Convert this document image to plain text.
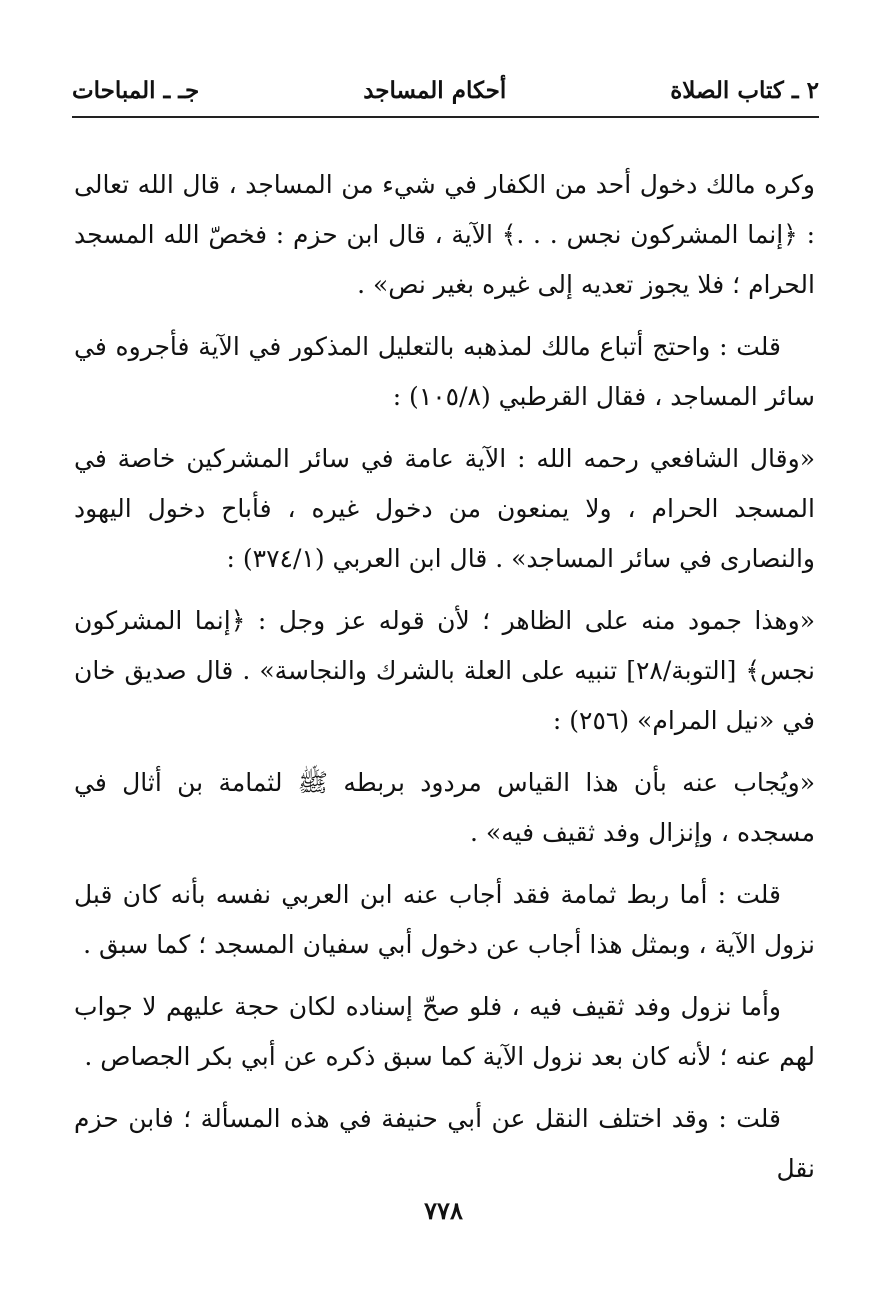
٢ ـ كتاب الصلاة
أحكام المساجد
جـ ـ المباحات

وكره مالك دخول أحد من الكفار في شيء من المساجد ، قال الله تعالى : ﴿إنما المشركون نجس . . .﴾ الآية ، قال ابن حزم : فخصّ الله المسجد الحرام ؛ فلا يجوز تعديه إلى غيره بغير نص» .

قلت : واحتج أتباع مالك لمذهبه بالتعليل المذكور في الآية فأجروه في سائر المساجد ، فقال القرطبي (١٠٥/٨) :

«وقال الشافعي رحمه الله : الآية عامة في سائر المشركين خاصة في المسجد الحرام ، ولا يمنعون من دخول غيره ، فأباح دخول اليهود والنصارى في سائر المساجد» . قال ابن العربي (٣٧٤/١) :

«وهذا جمود منه على الظاهر ؛ لأن قوله عز وجل : ﴿إنما المشركون نجس﴾ [التوبة/٢٨] تنبيه على العلة بالشرك والنجاسة» . قال صديق خان في «نيل المرام» (٢٥٦) :

«ويُجاب عنه بأن هذا القياس مردود بربطه ﷺ لثمامة بن أثال في مسجده ، وإنزال وفد ثقيف فيه» .

قلت : أما ربط ثمامة فقد أجاب عنه ابن العربي نفسه بأنه كان قبل نزول الآية ، وبمثل هذا أجاب عن دخول أبي سفيان المسجد ؛ كما سبق .

وأما نزول وفد ثقيف فيه ، فلو صحّ إسناده لكان حجة عليهم لا جواب لهم عنه ؛ لأنه كان بعد نزول الآية كما سبق ذكره عن أبي بكر الجصاص .

قلت : وقد اختلف النقل عن أبي حنيفة في هذه المسألة ؛ فابن حزم نقل

٧٧٨
